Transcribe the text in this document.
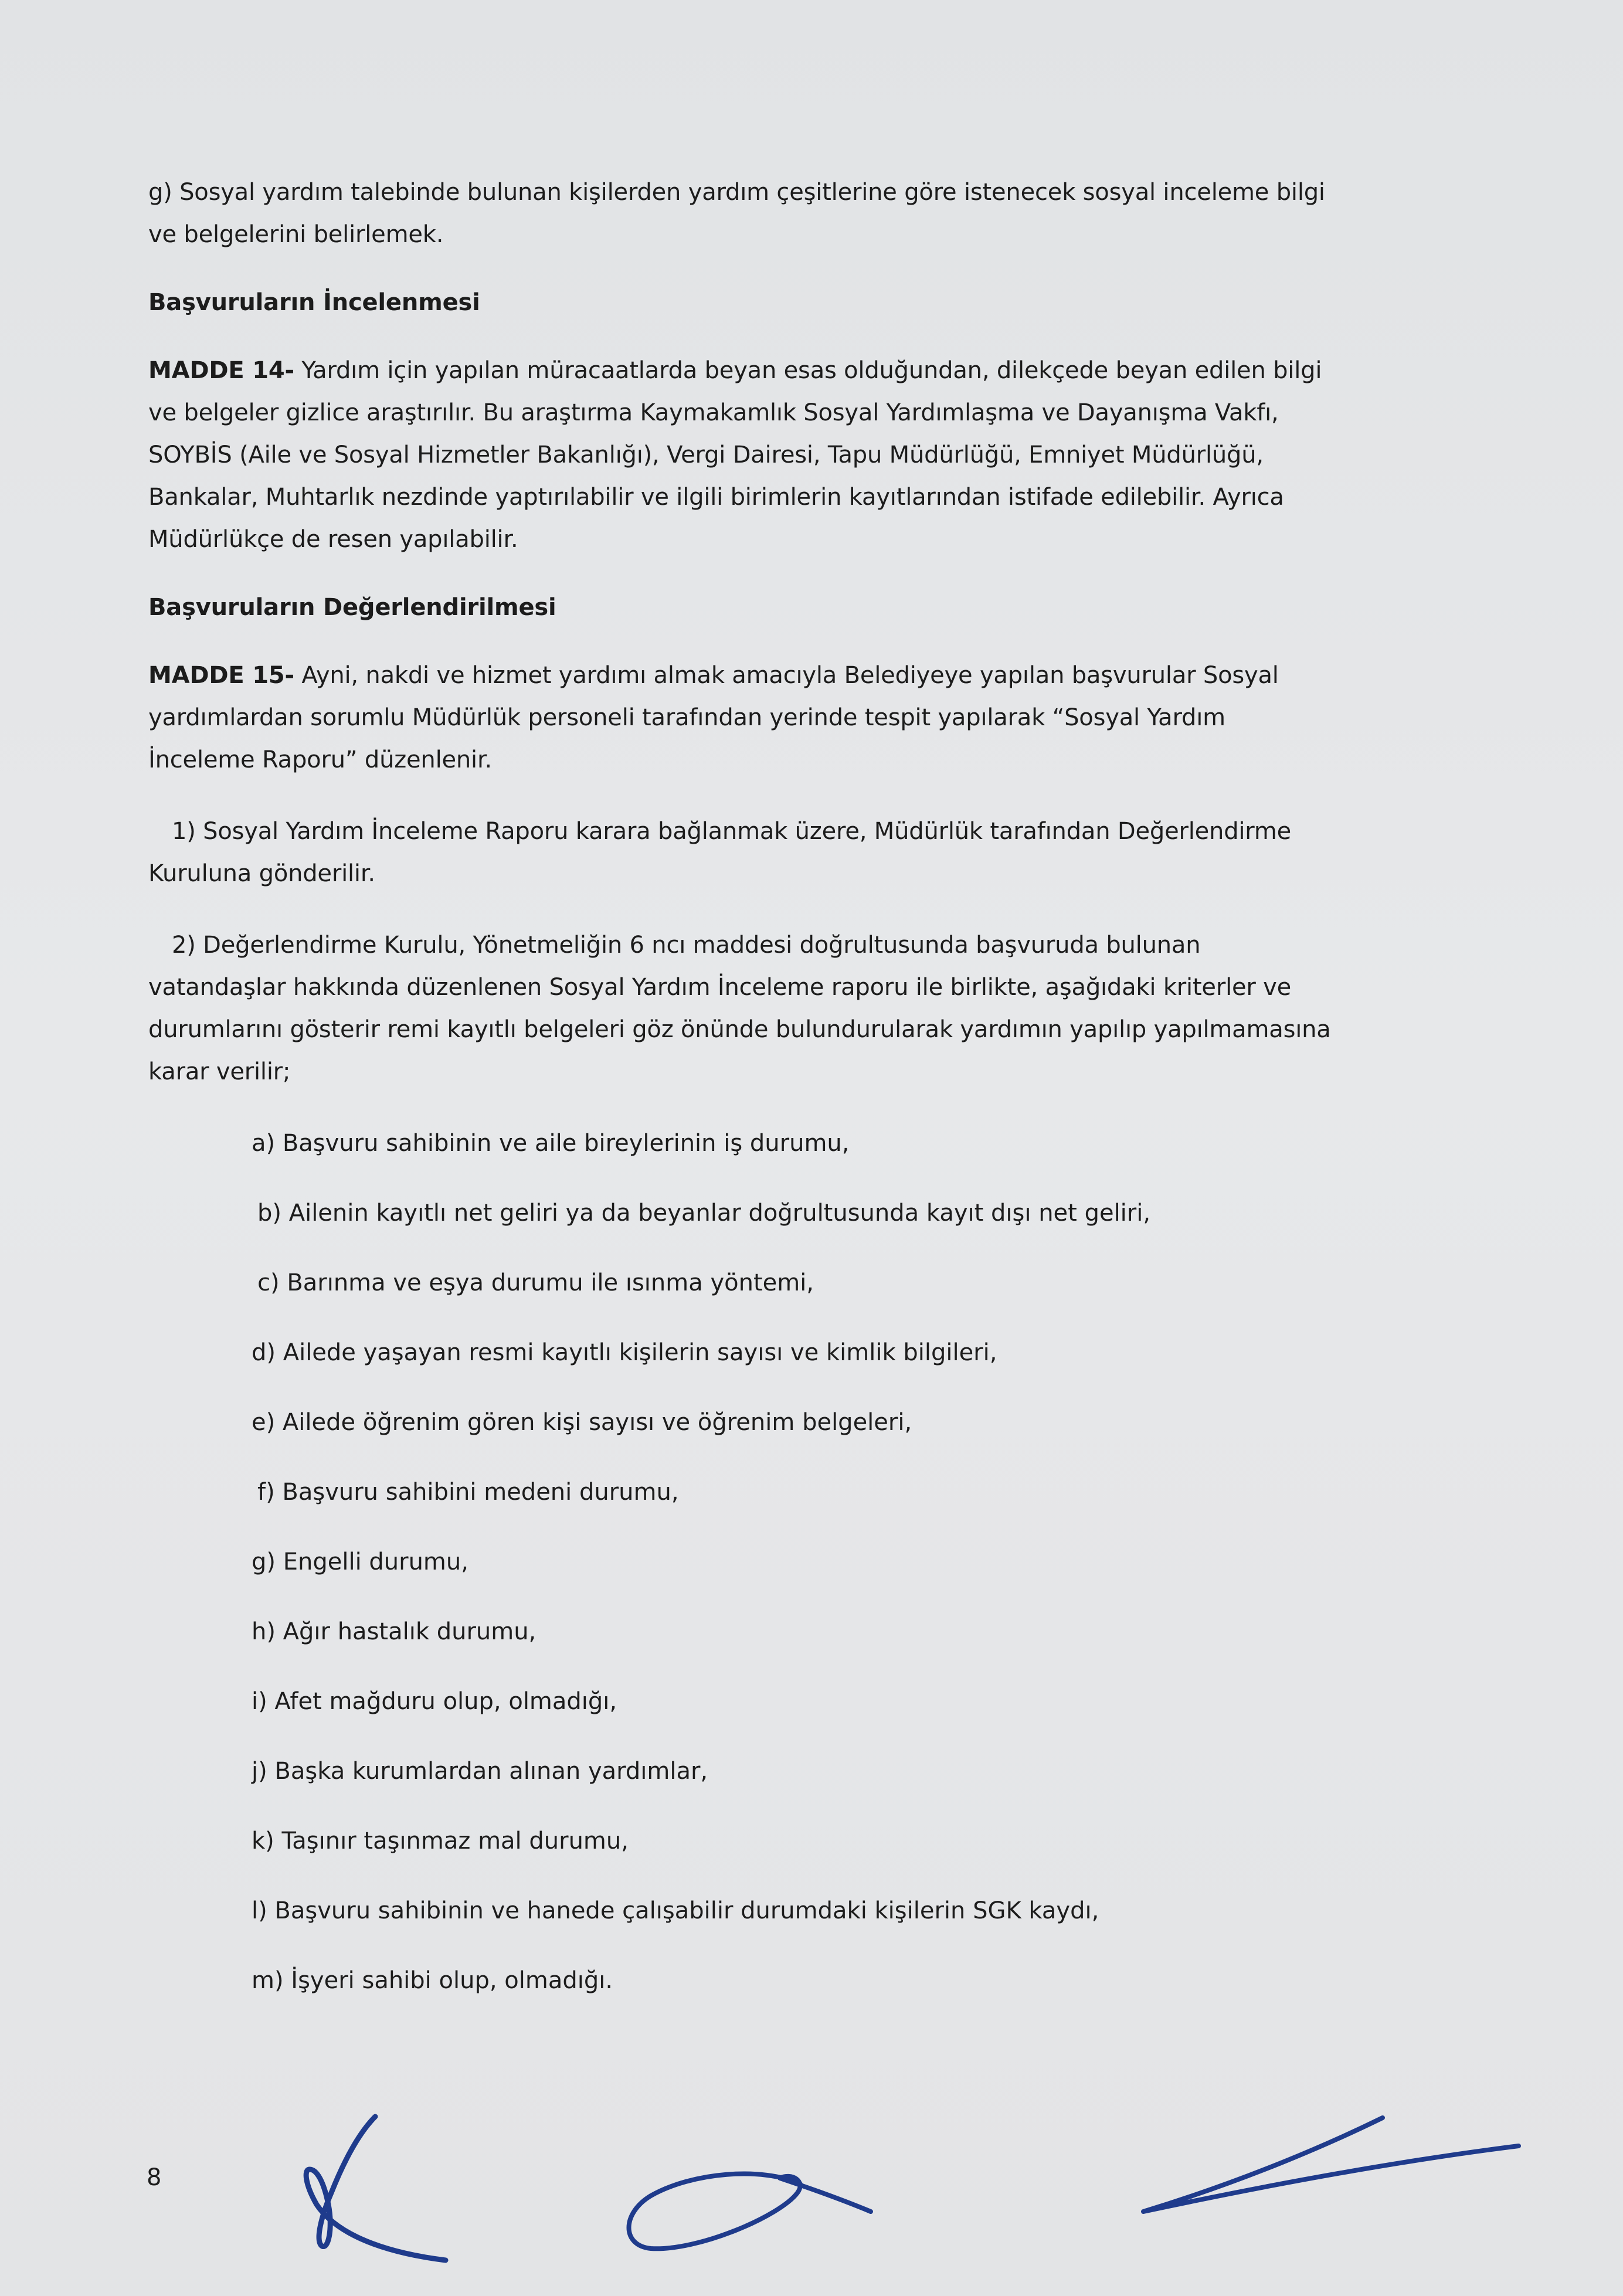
g) Sosyal yardım talebinde bulunan kişilerden yardım çeşitlerine göre istenecek sosyal inceleme bilgi
ve belgelerini belirlemek.

Başvuruların İncelenmesi

MADDE 14- Yardım için yapılan müracaatlarda beyan esas olduğundan, dilekçede beyan edilen bilgi
ve belgeler gizlice araştırılır. Bu araştırma Kaymakamlık Sosyal Yardımlaşma ve Dayanışma Vakfı,
SOYBİS (Aile ve Sosyal Hizmetler Bakanlığı), Vergi Dairesi, Tapu Müdürlüğü, Emniyet Müdürlüğü,
Bankalar, Muhtarlık nezdinde yaptırılabilir ve ilgili birimlerin kayıtlarından istifade edilebilir. Ayrıca
Müdürlükçe de resen yapılabilir.

Başvuruların Değerlendirilmesi

MADDE 15- Ayni, nakdi ve hizmet yardımı almak amacıyla Belediyeye yapılan başvurular Sosyal
yardımlardan sorumlu Müdürlük personeli tarafından yerinde tespit yapılarak “Sosyal Yardım
İnceleme Raporu” düzenlenir.

1) Sosyal Yardım İnceleme Raporu karara bağlanmak üzere, Müdürlük tarafından Değerlendirme
Kuruluna gönderilir.

2) Değerlendirme Kurulu, Yönetmeliğin 6 ncı maddesi doğrultusunda başvuruda bulunan
vatandaşlar hakkında düzenlenen Sosyal Yardım İnceleme raporu ile birlikte, aşağıdaki kriterler ve
durumlarını gösterir remi kayıtlı belgeleri göz önünde bulundurularak yardımın yapılıp yapılmamasına
karar verilir;

a) Başvuru sahibinin ve aile bireylerinin iş durumu,
b) Ailenin kayıtlı net geliri ya da beyanlar doğrultusunda kayıt dışı net geliri,
c) Barınma ve eşya durumu ile ısınma yöntemi,
d) Ailede yaşayan resmi kayıtlı kişilerin sayısı ve kimlik bilgileri,
e) Ailede öğrenim gören kişi sayısı ve öğrenim belgeleri,
f) Başvuru sahibini medeni durumu,
g) Engelli durumu,
h) Ağır hastalık durumu,
i) Afet mağduru olup, olmadığı,
j) Başka kurumlardan alınan yardımlar,
k) Taşınır taşınmaz mal durumu,
l) Başvuru sahibinin ve hanede çalışabilir durumdaki kişilerin SGK kaydı,
m) İşyeri sahibi olup, olmadığı.
8
